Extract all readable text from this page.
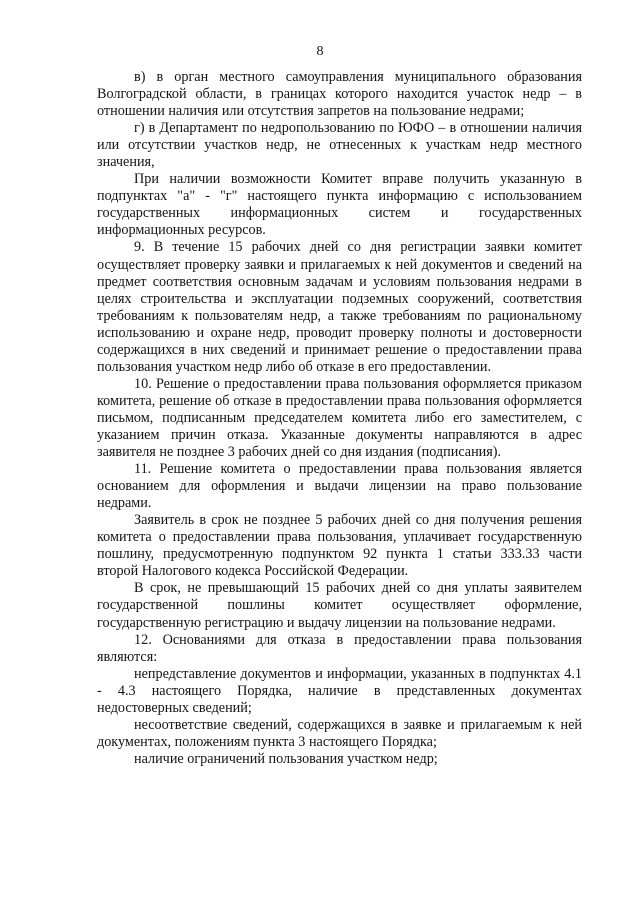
8

в) в орган местного самоуправления муниципального образования Волгоградской области, в границах которого находится участок недр – в отношении наличия или отсутствия запретов на пользование недрами;

г) в Департамент по недропользованию по ЮФО – в отношении наличия или отсутствии участков недр, не отнесенных к участкам недр местного значения,

При наличии возможности Комитет вправе получить указанную в подпунктах "а" - "г" настоящего пункта информацию с использованием государственных информационных систем и государственных информационных ресурсов.

9. В течение 15 рабочих дней со дня регистрации заявки комитет осуществляет проверку заявки и прилагаемых к ней документов и сведений на предмет соответствия основным задачам и условиям пользования недрами в целях строительства и эксплуатации подземных сооружений, соответствия требованиям к пользователям недр, а также требованиям по рациональному использованию и охране недр, проводит проверку полноты и достоверности содержащихся в них сведений и принимает решение о предоставлении права пользования участком недр либо об отказе в его предоставлении.

10. Решение о предоставлении права пользования оформляется приказом комитета, решение об отказе в предоставлении права пользования оформляется письмом, подписанным председателем комитета либо его заместителем, с указанием причин отказа. Указанные документы направляются в адрес заявителя не позднее 3 рабочих дней со дня издания (подписания).

11. Решение комитета о предоставлении права пользования является основанием для оформления и выдачи лицензии на право пользование недрами.

Заявитель в срок не позднее 5 рабочих дней со дня получения решения комитета о предоставлении права пользования, уплачивает государственную пошлину, предусмотренную подпунктом 92 пункта 1 статьи 333.33 части второй Налогового кодекса Российской Федерации.

В срок, не превышающий 15 рабочих дней со дня уплаты заявителем государственной пошлины комитет осуществляет оформление, государственную регистрацию и выдачу лицензии на пользование недрами.

12. Основаниями для отказа в предоставлении права пользования являются:

непредставление документов и информации, указанных в подпунктах 4.1 - 4.3 настоящего Порядка, наличие в представленных документах недостоверных сведений;

несоответствие сведений, содержащихся в заявке и прилагаемым к ней документах, положениям пункта 3 настоящего Порядка;

наличие ограничений пользования участком недр;
